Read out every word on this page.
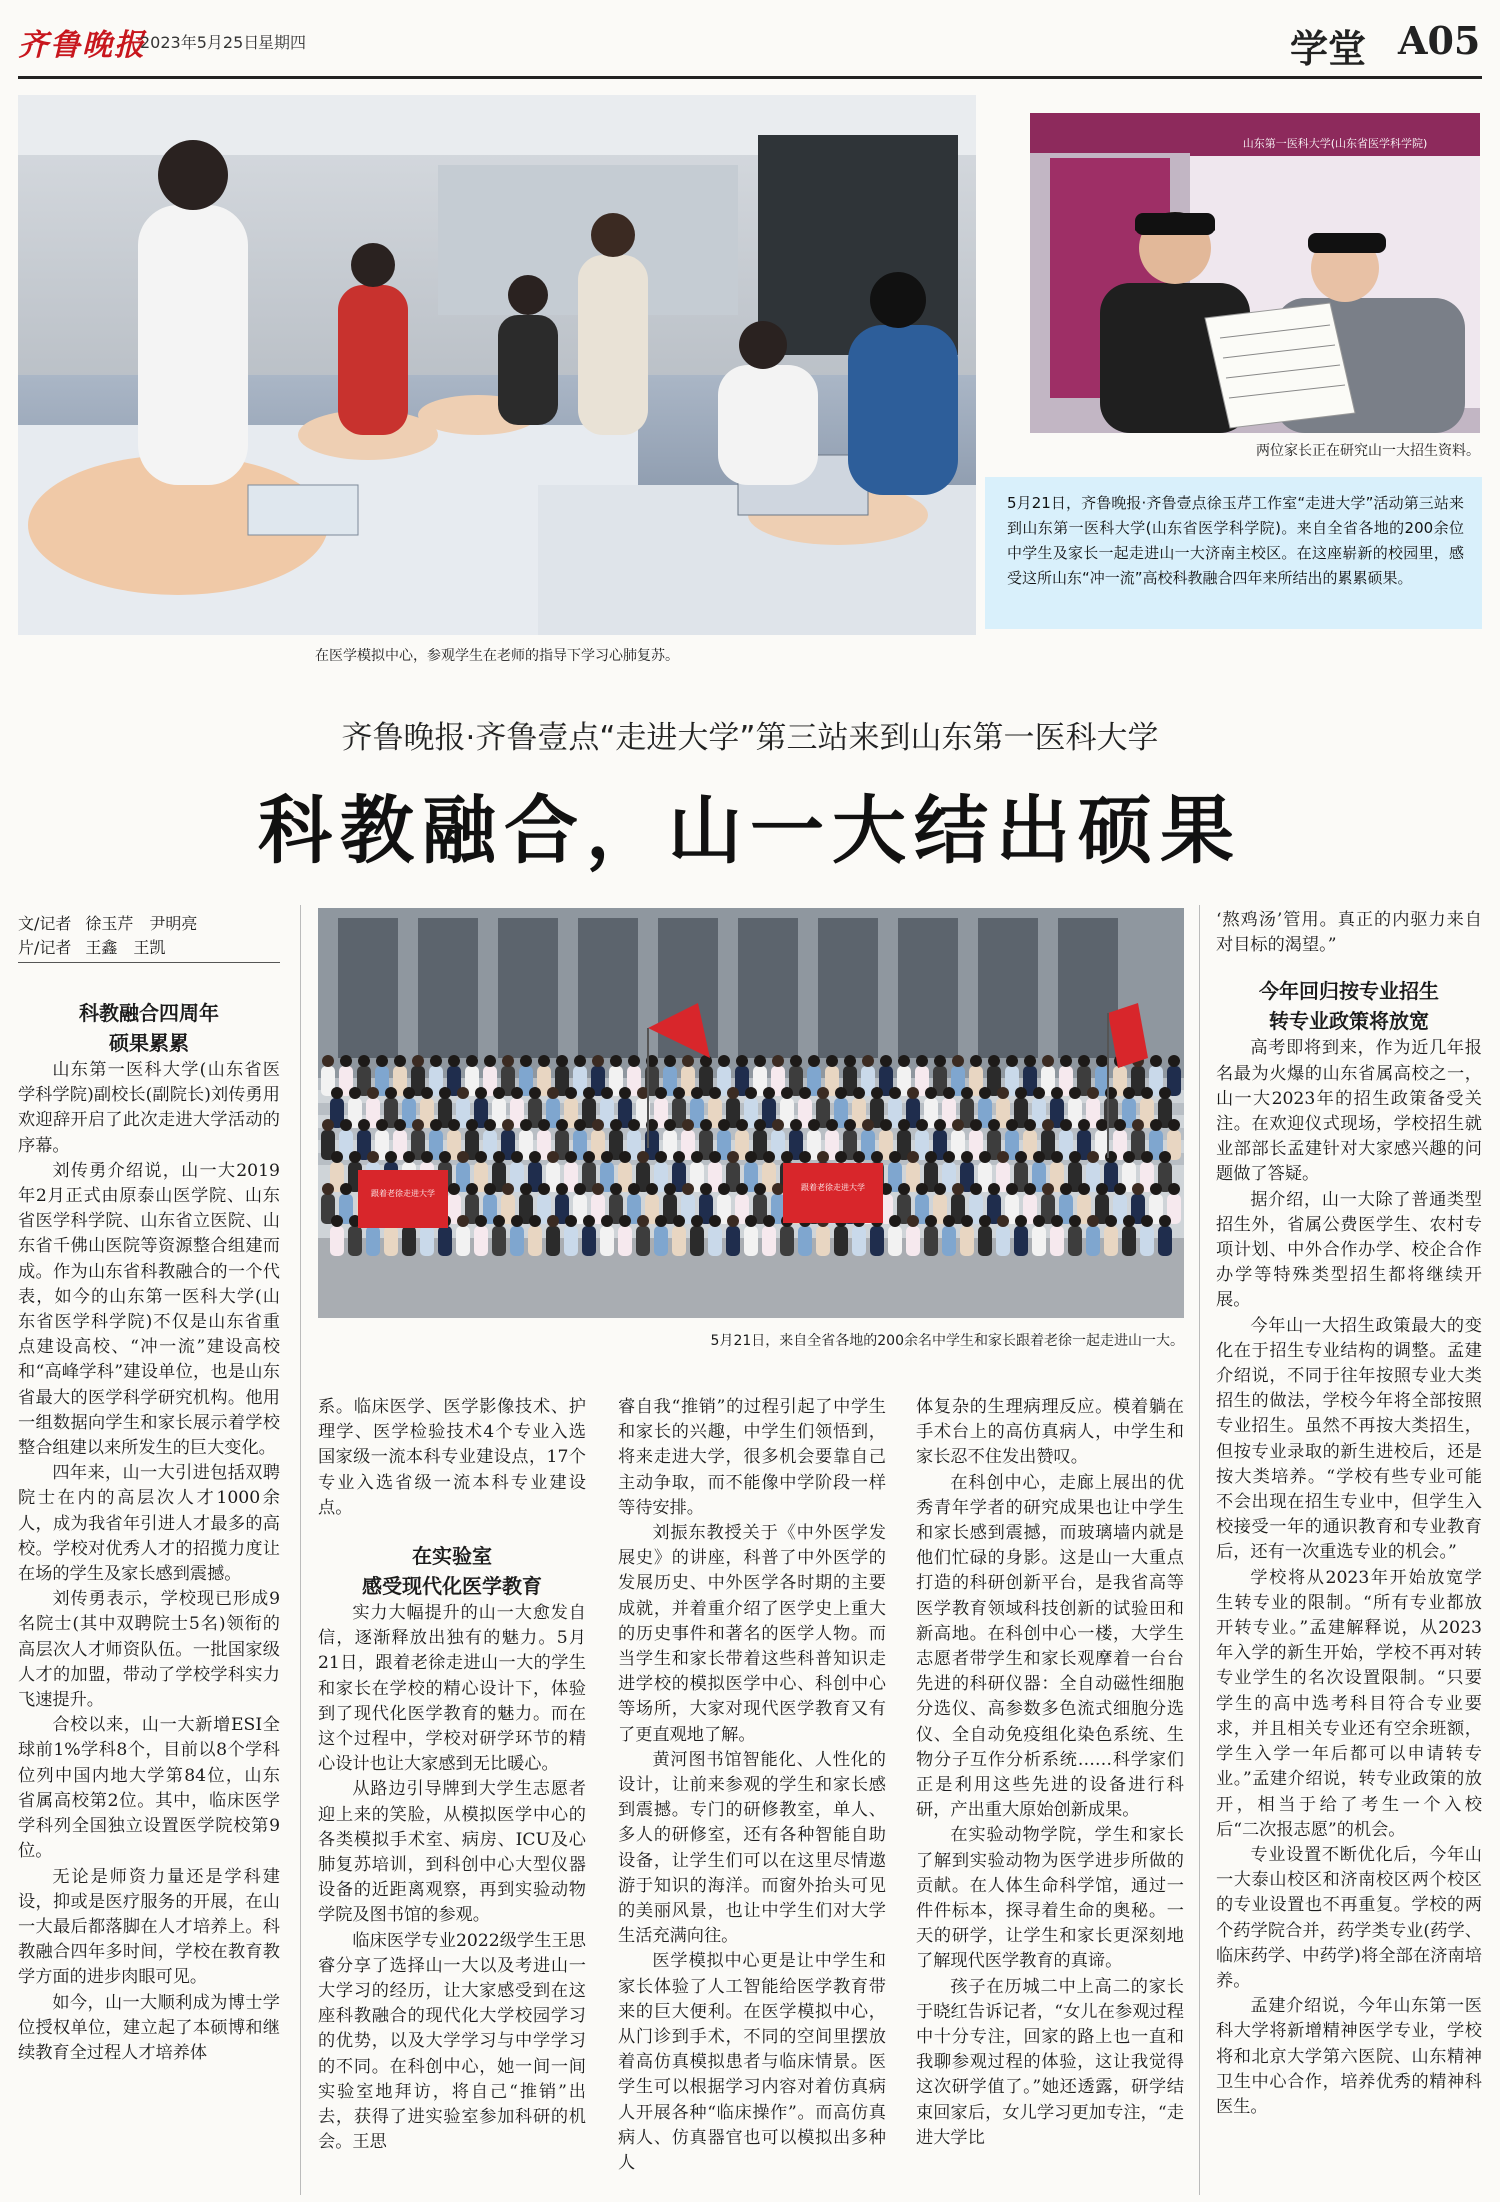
齐鲁晚报
2023年5月25日
星期四	学堂 A05
在医学模拟中心，参观学生在老师的指导下学习心肺复苏。
山东第一医科大学(山东省医学科学院)
两位家长正在研究山一大招生资料。
5月21日，齐鲁晚报·齐鲁壹点徐玉芹工作室“走进大学”活动第三站来到山东第一医科大学(山东省医学科学院)。来自全省各地的200余位中学生及家长一起走进山一大济南主校区。在这座崭新的校园里，感受这所山东“冲一流”高校科教融合四年来所结出的累累硕果。
齐鲁晚报·齐鲁壹点“走进大学”第三站来到山东第一医科大学
科教融合，山一大结出硕果
文/记者 徐玉芹　尹明亮
片/记者 王鑫　王凯

科教融合四周年
硕果累累

山东第一医科大学(山东省医学科学院)副校长(副院长)刘传勇用欢迎辞开启了此次走进大学活动的序幕。

刘传勇介绍说，山一大2019年2月正式由原泰山医学院、山东省医学科学院、山东省立医院、山东省千佛山医院等资源整合组建而成。作为山东省科教融合的一个代表，如今的山东第一医科大学(山东省医学科学院)不仅是山东省重点建设高校、“冲一流”建设高校和“高峰学科”建设单位，也是山东省最大的医学科学研究机构。他用一组数据向学生和家长展示着学校整合组建以来所发生的巨大变化。

四年来，山一大引进包括双聘院士在内的高层次人才1000余人，成为我省年引进人才最多的高校。学校对优秀人才的招揽力度让在场的学生及家长感到震撼。

刘传勇表示，学校现已形成9名院士(其中双聘院士5名)领衔的高层次人才师资队伍。一批国家级人才的加盟，带动了学校学科实力飞速提升。

合校以来，山一大新增ESI全球前1%学科8个，目前以8个学科位列中国内地大学第84位，山东省属高校第2位。其中，临床医学学科列全国独立设置医学院校第9位。

无论是师资力量还是学科建设，抑或是医疗服务的开展，在山一大最后都落脚在人才培养上。科教融合四年多时间，学校在教育教学方面的进步肉眼可见。

如今，山一大顺利成为博士学位授权单位，建立起了本硕博和继续教育全过程人才培养体

跟着老徐走进大学
跟着老徐走进大学
5月21日，来自全省各地的200余名中学生和家长跟着老徐一起走进山一大。

系。临床医学、医学影像技术、护理学、医学检验技术4个专业入选国家级一流本科专业建设点，17个专业入选省级一流本科专业建设点。

在实验室
感受现代化医学教育

实力大幅提升的山一大愈发自信，逐渐释放出独有的魅力。5月21日，跟着老徐走进山一大的学生和家长在学校的精心设计下，体验到了现代化医学教育的魅力。而在这个过程中，学校对研学环节的精心设计也让大家感到无比暖心。

从路边引导牌到大学生志愿者迎上来的笑脸，从模拟医学中心的各类模拟手术室、病房、ICU及心肺复苏培训，到科创中心大型仪器设备的近距离观察，再到实验动物学院及图书馆的参观。

临床医学专业2022级学生王思睿分享了选择山一大以及考进山一大学习的经历，让大家感受到在这座科教融合的现代化大学校园学习的优势，以及大学学习与中学学习的不同。在科创中心，她一间一间实验室地拜访，将自己“推销”出去，获得了进实验室参加科研的机会。王思

睿自我“推销”的过程引起了中学生和家长的兴趣，中学生们领悟到，将来走进大学，很多机会要靠自己主动争取，而不能像中学阶段一样等待安排。

刘振东教授关于《中外医学发展史》的讲座，科普了中外医学的发展历史、中外医学各时期的主要成就，并着重介绍了医学史上重大的历史事件和著名的医学人物。而当学生和家长带着这些科普知识走进学校的模拟医学中心、科创中心等场所，大家对现代医学教育又有了更直观地了解。

黄河图书馆智能化、人性化的设计，让前来参观的学生和家长感到震撼。专门的研修教室，单人、多人的研修室，还有各种智能自助设备，让学生们可以在这里尽情遨游于知识的海洋。而窗外抬头可见的美丽风景，也让中学生们对大学生活充满向往。

医学模拟中心更是让中学生和家长体验了人工智能给医学教育带来的巨大便利。在医学模拟中心，从门诊到手术，不同的空间里摆放着高仿真模拟患者与临床情景。医学生可以根据学习内容对着仿真病人开展各种“临床操作”。而高仿真病人、仿真器官也可以模拟出多种人

体复杂的生理病理反应。模着躺在手术台上的高仿真病人，中学生和家长忍不住发出赞叹。

在科创中心，走廊上展出的优秀青年学者的研究成果也让中学生和家长感到震撼，而玻璃墙内就是他们忙碌的身影。这是山一大重点打造的科研创新平台，是我省高等医学教育领域科技创新的试验田和新高地。在科创中心一楼，大学生志愿者带学生和家长观摩着一台台先进的科研仪器：全自动磁性细胞分选仪、高参数多色流式细胞分选仪、全自动免疫组化染色系统、生物分子互作分析系统……科学家们正是利用这些先进的设备进行科研，产出重大原始创新成果。

在实验动物学院，学生和家长了解到实验动物为医学进步所做的贡献。在人体生命科学馆，通过一件件标本，探寻着生命的奥秘。一天的研学，让学生和家长更深刻地了解现代医学教育的真谛。

孩子在历城二中上高二的家长于晓红告诉记者，“女儿在参观过程中十分专注，回家的路上也一直和我聊参观过程的体验，这让我觉得这次研学值了。”她还透露，研学结束回家后，女儿学习更加专注，“走进大学比

‘熬鸡汤’管用。真正的内驱力来自对目标的渴望。”

今年回归按专业招生
转专业政策将放宽

高考即将到来，作为近几年报名最为火爆的山东省属高校之一，山一大2023年的招生政策备受关注。在欢迎仪式现场，学校招生就业部部长孟建针对大家感兴趣的问题做了答疑。

据介绍，山一大除了普通类型招生外，省属公费医学生、农村专项计划、中外合作办学、校企合作办学等特殊类型招生都将继续开展。

今年山一大招生政策最大的变化在于招生专业结构的调整。孟建介绍说，不同于往年按照专业大类招生的做法，学校今年将全部按照专业招生。虽然不再按大类招生，但按专业录取的新生进校后，还是按大类培养。“学校有些专业可能不会出现在招生专业中，但学生入校接受一年的通识教育和专业教育后，还有一次重选专业的机会。”

学校将从2023年开始放宽学生转专业的限制。“所有专业都放开转专业。”孟建解释说，从2023年入学的新生开始，学校不再对转专业学生的名次设置限制。“只要学生的高中选考科目符合专业要求，并且相关专业还有空余班额，学生入学一年后都可以申请转专业。”孟建介绍说，转专业政策的放开，相当于给了考生一个入校后“二次报志愿”的机会。

专业设置不断优化后，今年山一大泰山校区和济南校区两个校区的专业设置也不再重复。学校的两个药学院合并，药学类专业(药学、临床药学、中药学)将全部在济南培养。

孟建介绍说，今年山东第一医科大学将新增精神医学专业，学校将和北京大学第六医院、山东精神卫生中心合作，培养优秀的精神科医生。
